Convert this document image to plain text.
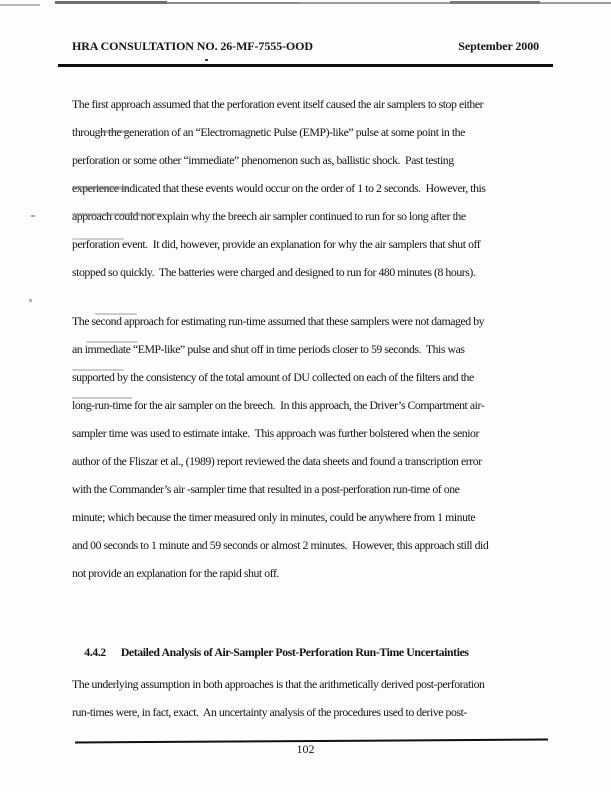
HRA CONSULTATION NO. 26-MF-7555-OOD	September 2000
The first approach assumed that the perforation event itself caused the air samplers to stop either
through the generation of an “Electromagnetic Pulse (EMP)-like” pulse at some point in the
perforation or some other “immediate” phenomenon such as, ballistic shock.  Past testing
experience indicated that these events would occur on the order of 1 to 2 seconds.  However, this
approach could not explain why the breech air sampler continued to run for so long after the
perforation event.  It did, however, provide an explanation for why the air samplers that shut off
stopped so quickly.  The batteries were charged and designed to run for 480 minutes (8 hours).
The second approach for estimating run-time assumed that these samplers were not damaged by
an immediate “EMP-like” pulse and shut off in time periods closer to 59 seconds.  This was
supported by the consistency of the total amount of DU collected on each of the filters and the
long-run-time for the air sampler on the breech.  In this approach, the Driver’s Compartment air-
sampler time was used to estimate intake.  This approach was further bolstered when the senior
author of the Fliszar et al., (1989) report reviewed the data sheets and found a transcription error
with the Commander’s air -sampler time that resulted in a post-perforation run-time of one
minute; which because the timer measured only in minutes, could be anywhere from 1 minute
and 00 seconds to 1 minute and 59 seconds or almost 2 minutes.  However, this approach still did
not provide an explanation for the rapid shut off.

4.4.2 Detailed Analysis of Air-Sampler Post-Perforation Run-Time Uncertainties

The underlying assumption in both approaches is that the arithmetically derived post-perforation
run-times were, in fact, exact.  An uncertainty analysis of the procedures used to derive post-
102
